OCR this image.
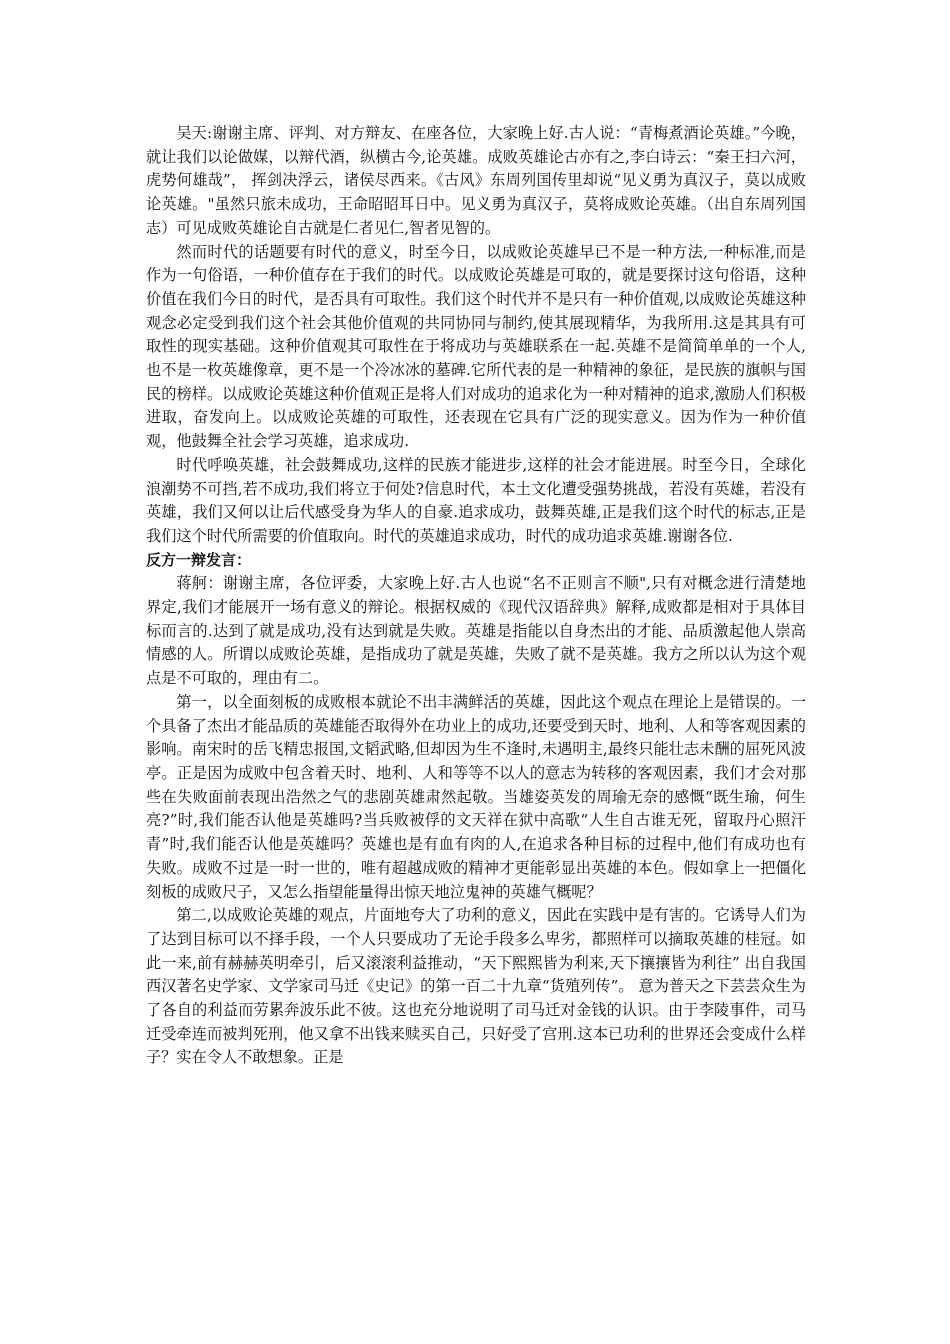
吴天:谢谢主席、评判、对方辩友、在座各位，大家晚上好.古人说：“青梅煮酒论英雄。”今晚，就让我们以论做媒，以辩代酒，纵横古今,论英雄。成败英雄论古亦有之,李白诗云：“秦王扫六河，虎势何雄哉”， 挥剑决浮云，诸侯尽西来。《古风》东周列国传里却说“见义勇为真汉子，莫以成败论英雄。"虽然只旅未成功，王命昭昭耳日中。见义勇为真汉子，莫将成败论英雄。（出自东周列国志）可见成败英雄论自古就是仁者见仁,智者见智的。

然而时代的话题要有时代的意义，时至今日，以成败论英雄早已不是一种方法,一种标准,而是作为一句俗语，一种价值存在于我们的时代。以成败论英雄是可取的，就是要探讨这句俗语，这种价值在我们今日的时代，是否具有可取性。我们这个时代并不是只有一种价值观,以成败论英雄这种观念必定受到我们这个社会其他价值观的共同协同与制约,使其展现精华，为我所用.这是其具有可取性的现实基础。这种价值观其可取性在于将成功与英雄联系在一起.英雄不是简简单单的一个人,也不是一枚英雄像章，更不是一个冷冰冰的墓碑.它所代表的是一种精神的象征，是民族的旗帜与国民的榜样。以成败论英雄这种价值观正是将人们对成功的追求化为一种对精神的追求,激励人们积极进取，奋发向上。以成败论英雄的可取性，还表现在它具有广泛的现实意义。因为作为一种价值观，他鼓舞全社会学习英雄，追求成功.

时代呼唤英雄，社会鼓舞成功,这样的民族才能进步,这样的社会才能进展。时至今日，全球化浪潮势不可挡,若不成功,我们将立于何处?信息时代，本土文化遭受强势挑战，若没有英雄，若没有英雄，我们又何以让后代感受身为华人的自豪.追求成功，鼓舞英雄,正是我们这个时代的标志,正是我们这个时代所需要的价值取向。时代的英雄追求成功，时代的成功追求英雄.谢谢各位.

反方一辩发言：

蒋舸：谢谢主席，各位评委，大家晚上好.古人也说“名不正则言不顺",只有对概念进行清楚地界定,我们才能展开一场有意义的辩论。根据权威的《现代汉语辞典》解释,成败都是相对于具体目标而言的.达到了就是成功,没有达到就是失败。英雄是指能以自身杰出的才能、品质激起他人崇高情感的人。所谓以成败论英雄，是指成功了就是英雄，失败了就不是英雄。我方之所以认为这个观点是不可取的，理由有二。

第一，以全面刻板的成败根本就论不出丰满鲜活的英雄，因此这个观点在理论上是错误的。一个具备了杰出才能品质的英雄能否取得外在功业上的成功,还要受到天时、地利、人和等客观因素的影响。南宋时的岳飞精忠报国,文韬武略,但却因为生不逢时,未遇明主,最终只能壮志未酬的屈死风波亭。正是因为成败中包含着天时、地利、人和等等不以人的意志为转移的客观因素，我们才会对那些在失败面前表现出浩然之气的悲剧英雄肃然起敬。当雄姿英发的周瑜无奈的感慨“既生瑜，何生亮?”时,我们能否认他是英雄吗?当兵败被俘的文天祥在狱中高歌“人生自古谁无死，留取丹心照汗青”时,我们能否认他是英雄吗？英雄也是有血有肉的人,在追求各种目标的过程中,他们有成功也有失败。成败不过是一时一世的，唯有超越成败的精神才更能彰显出英雄的本色。假如拿上一把僵化刻板的成败尺子，又怎么指望能量得出惊天地泣鬼神的英雄气概呢？

第二,以成败论英雄的观点，片面地夸大了功利的意义，因此在实践中是有害的。它诱导人们为了达到目标可以不择手段，一个人只要成功了无论手段多么卑劣，都照样可以摘取英雄的桂冠。如此一来,前有赫赫英明牵引，后又滚滚利益推动，“天下熙熙皆为利来,天下攘攘皆为利往” 出自我国西汉著名史学家、文学家司马迁《史记》的第一百二十九章“货殖列传”。 意为普天之下芸芸众生为了各自的利益而劳累奔波乐此不彼。这也充分地说明了司马迁对金钱的认识。由于李陵事件，司马迁受牵连而被判死刑，他又拿不出钱来赎买自己，只好受了宫刑.这本已功利的世界还会变成什么样子？实在令人不敢想象。正是
